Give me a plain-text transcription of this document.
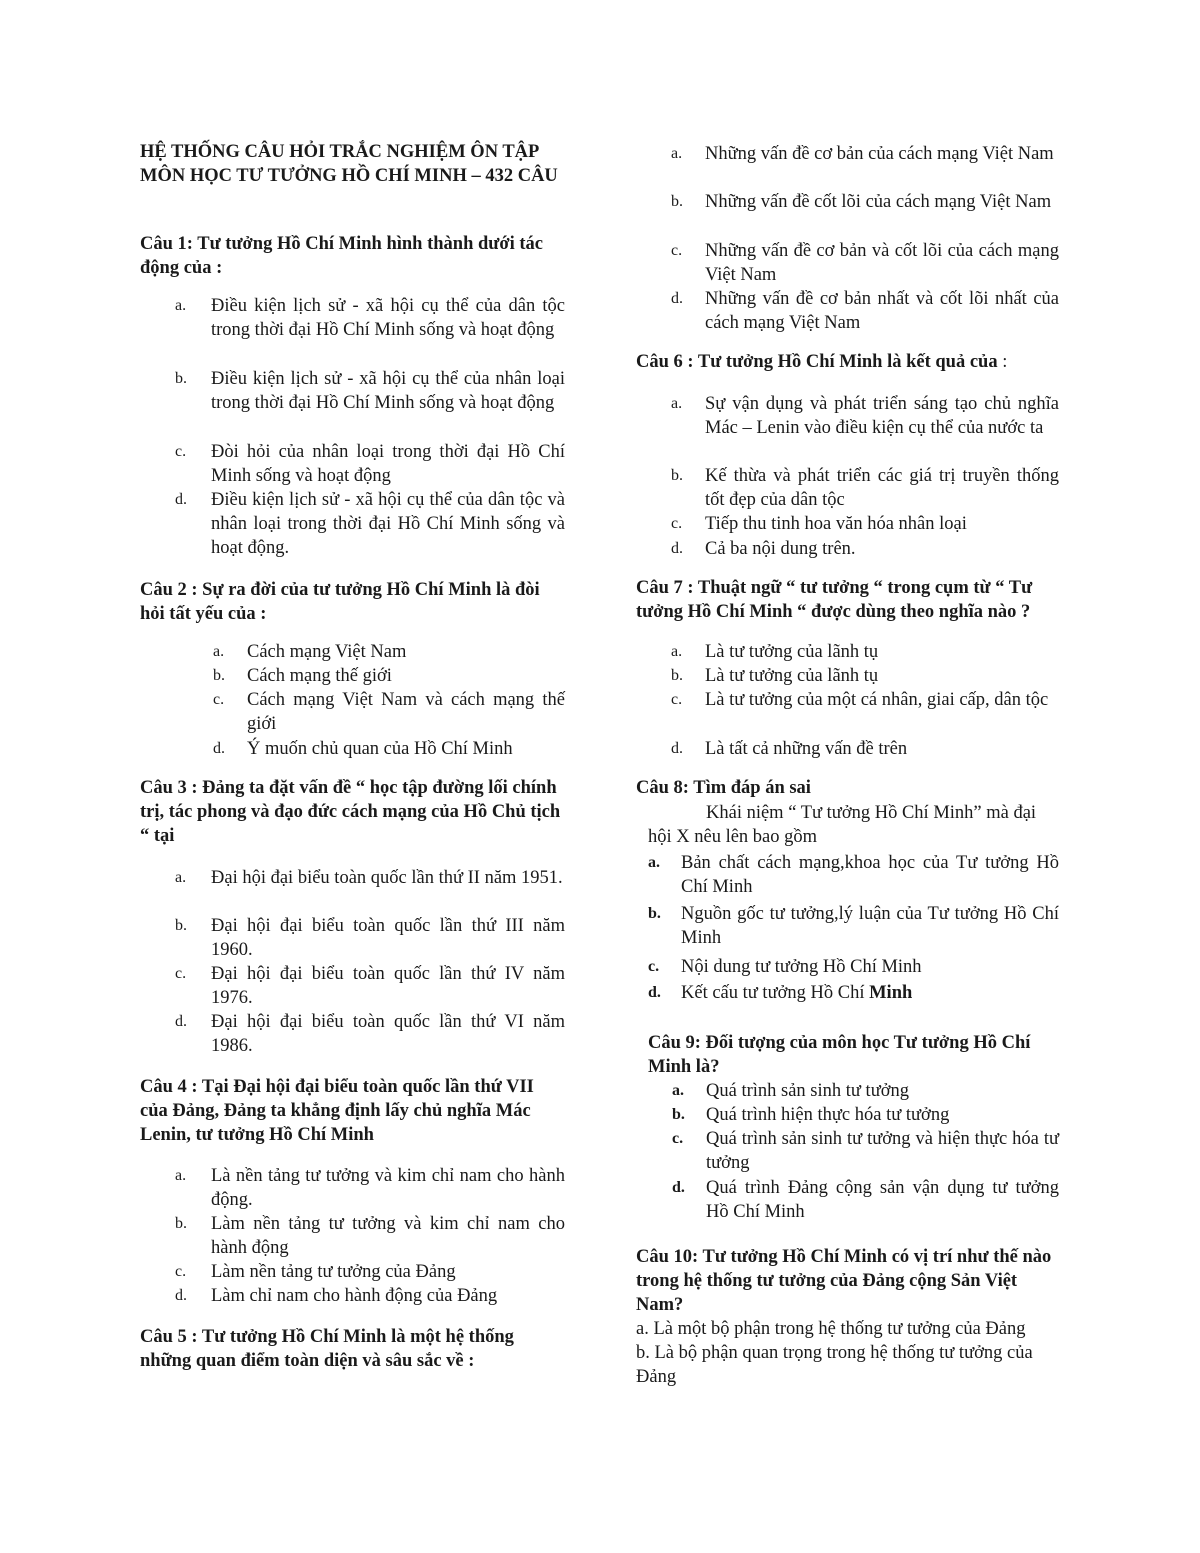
HỆ THỐNG CÂU HỎI TRẮC NGHIỆM ÔN TẬP MÔN HỌC TƯ TƯỞNG HỒ CHÍ MINH – 432 CÂU
Câu 1: Tư tưởng Hồ Chí Minh hình thành dưới tác động của :
a.	Điều kiện lịch sử - xã hội cụ thể của dân tộc trong thời đại Hồ Chí Minh sống và hoạt động
b.	Điều kiện lịch sử - xã hội cụ thể của nhân loại trong thời đại Hồ Chí Minh sống và hoạt động
c.	Đòi hỏi của nhân loại trong thời đại Hồ Chí Minh sống và hoạt động
d.	Điều kiện lịch sử - xã hội cụ thể của dân tộc và nhân loại trong thời đại Hồ Chí Minh sống và hoạt động.
Câu 2 : Sự ra đời của tư tưởng Hồ Chí Minh là đòi hỏi tất yếu của :
a.	Cách mạng Việt Nam
b.	Cách mạng thế giới
c.	Cách mạng Việt Nam và cách mạng thế giới
d.	Ý muốn chủ quan của Hồ Chí Minh
Câu 3 : Đảng ta đặt vấn đề “ học tập đường lối chính trị, tác phong và đạo đức cách mạng của Hồ Chủ tịch “ tại
a.	Đại hội đại biểu toàn quốc lần thứ II năm 1951.
b.	Đại hội đại biểu toàn quốc lần thứ III năm 1960.
c.	Đại hội đại biểu toàn quốc lần thứ IV năm 1976.
d.	Đại hội đại biểu toàn quốc lần thứ VI năm 1986.
Câu 4 : Tại Đại hội đại biểu toàn quốc lần thứ VII của Đảng, Đảng ta khẳng định lấy chủ nghĩa Mác Lenin, tư tưởng Hồ Chí Minh
a.	Là nền tảng tư tưởng và kim chỉ nam cho hành động.
b.	Làm nền tảng tư tưởng và kim chỉ nam cho hành động
c.	Làm nền tảng tư tưởng của Đảng
d.	Làm chỉ nam cho hành động của Đảng
Câu 5 : Tư tưởng Hồ Chí Minh là một hệ thống những quan điểm toàn diện và sâu sắc về :
a.	Những vấn đề cơ bản của cách mạng Việt Nam
b.	Những vấn đề cốt lõi của cách mạng Việt Nam
c.	Những vấn đề cơ bản và cốt lõi của cách mạng Việt Nam
d.	Những vấn đề cơ bản nhất và cốt lõi nhất của cách mạng Việt Nam
Câu 6 : Tư tưởng Hồ Chí Minh là kết quả của :
a.	Sự vận dụng và phát triển sáng tạo chủ nghĩa Mác – Lenin vào điều kiện cụ thể của nước ta
b.	Kế thừa và phát triển các giá trị truyền thống tốt đẹp của dân tộc
c.	Tiếp thu tinh hoa văn hóa nhân loại
d.	Cả ba nội dung trên.
Câu 7 : Thuật ngữ “ tư tưởng “ trong cụm từ “ Tư tưởng Hồ Chí Minh “ được dùng theo nghĩa nào ?
a.	Là tư tưởng của lãnh tụ
b.	Là tư tưởng của lãnh tụ
c.	Là tư tưởng của một cá nhân, giai cấp, dân tộc
d.	Là tất cả những vấn đề trên
Câu 8: Tìm đáp án sai
Khái niệm “ Tư tưởng Hồ Chí Minh” mà đại
hội X nêu lên bao gồm
a.	Bản chất cách mạng,khoa học của Tư tưởng Hồ Chí Minh
b.	Nguồn gốc tư tưởng,lý luận của Tư tưởng Hồ Chí Minh
c.	Nội dung tư tưởng Hồ Chí Minh
d.	Kết cấu tư tưởng Hồ Chí Minh
Câu 9: Đối tượng của môn học Tư tưởng Hồ Chí Minh là?
a.	Quá trình sản sinh tư tưởng
b.	Quá trình hiện thực hóa tư tưởng
c.	Quá trình sản sinh tư tưởng và hiện thực hóa tư tưởng
d.	Quá trình Đảng cộng sản vận dụng tư tưởng Hồ Chí Minh
Câu 10: Tư tưởng Hồ Chí Minh có vị trí như thế nào trong hệ thống tư tưởng của Đảng cộng Sản Việt Nam?
a. Là một bộ phận trong hệ thống tư tưởng của Đảng
b. Là bộ phận quan trọng trong hệ thống tư tưởng của Đảng
